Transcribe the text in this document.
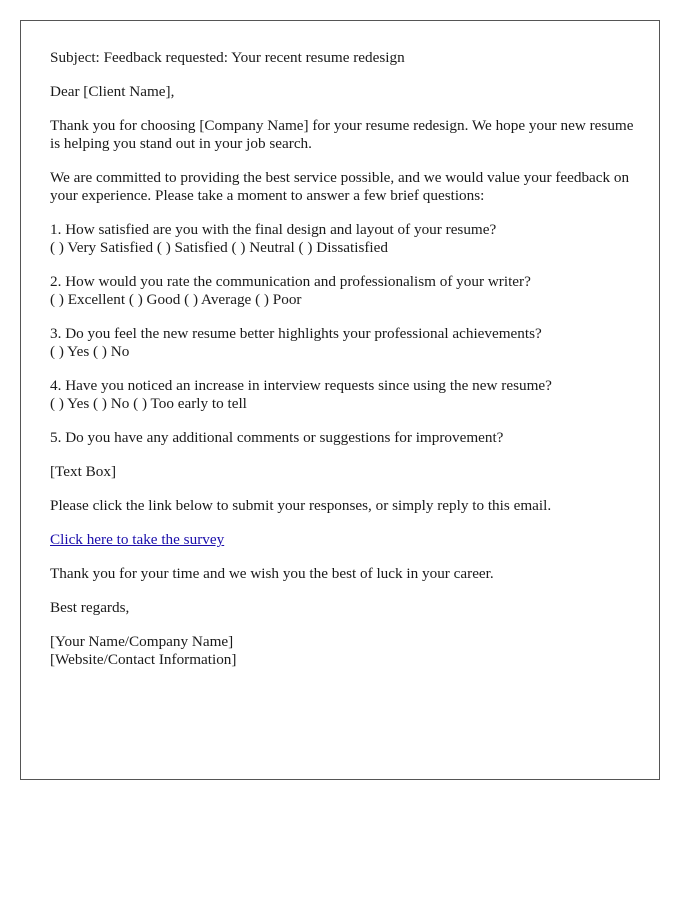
Subject: Feedback requested: Your recent resume redesign

Dear [Client Name],

Thank you for choosing [Company Name] for your resume redesign. We hope your new resume is helping you stand out in your job search.

We are committed to providing the best service possible, and we would value your feedback on your experience. Please take a moment to answer a few brief questions:

1. How satisfied are you with the final design and layout of your resume?
( ) Very Satisfied ( ) Satisfied ( ) Neutral ( ) Dissatisfied

2. How would you rate the communication and professionalism of your writer?
( ) Excellent ( ) Good ( ) Average ( ) Poor

3. Do you feel the new resume better highlights your professional achievements?
( ) Yes ( ) No

4. Have you noticed an increase in interview requests since using the new resume?
( ) Yes ( ) No ( ) Too early to tell

5. Do you have any additional comments or suggestions for improvement?

[Text Box]

Please click the link below to submit your responses, or simply reply to this email.

Click here to take the survey

Thank you for your time and we wish you the best of luck in your career.

Best regards,

[Your Name/Company Name]
[Website/Contact Information]
